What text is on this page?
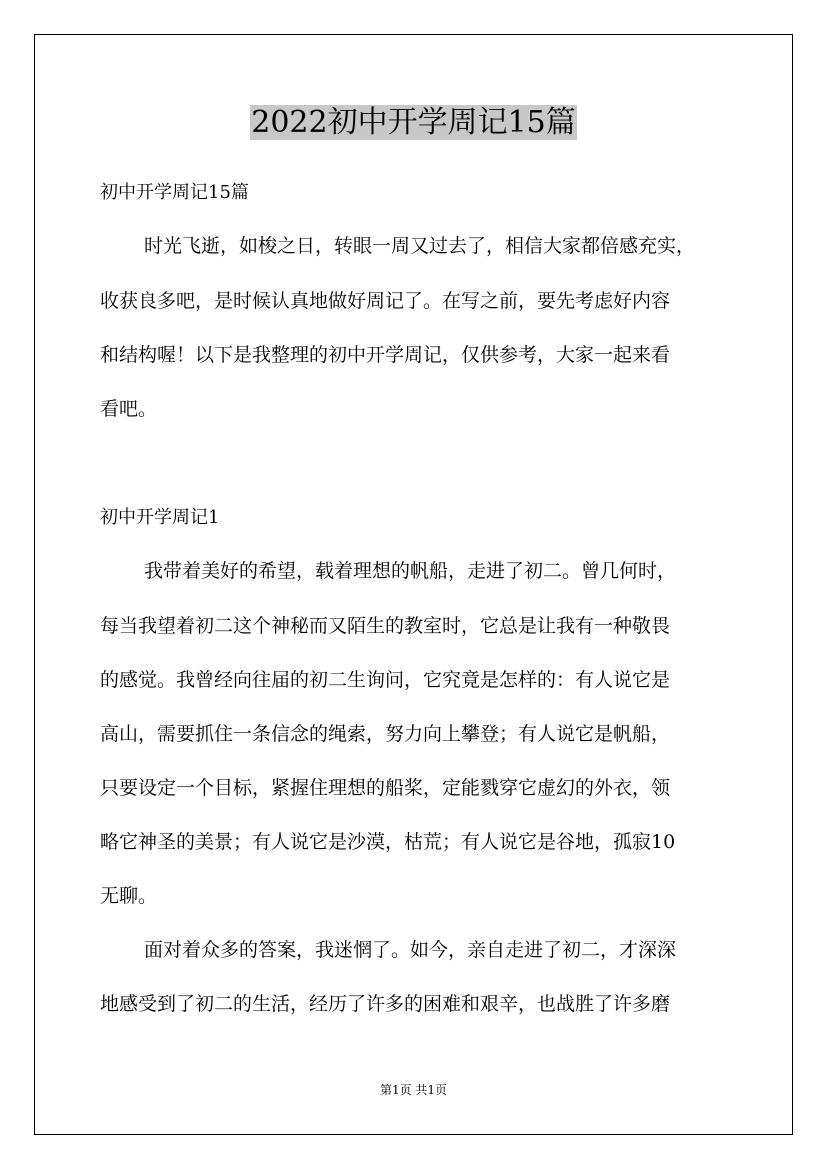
2022初中开学周记15篇

初中开学周记15篇

时光飞逝，如梭之日，转眼一周又过去了，相信大家都倍感充实，

收获良多吧，是时候认真地做好周记了。在写之前，要先考虑好内容

和结构喔！以下是我整理的初中开学周记，仅供参考，大家一起来看

看吧。

初中开学周记1

我带着美好的希望，载着理想的帆船，走进了初二。曾几何时，

每当我望着初二这个神秘而又陌生的教室时，它总是让我有一种敬畏

的感觉。我曾经向往届的初二生询问，它究竟是怎样的：有人说它是

高山，需要抓住一条信念的绳索，努力向上攀登；有人说它是帆船，

只要设定一个目标，紧握住理想的船桨，定能戮穿它虚幻的外衣，领

略它神圣的美景；有人说它是沙漠，枯荒；有人说它是谷地，孤寂10

无聊。

面对着众多的答案，我迷惘了。如今，亲自走进了初二，才深深

地感受到了初二的生活，经历了许多的困难和艰辛，也战胜了许多磨

第1页 共1页
